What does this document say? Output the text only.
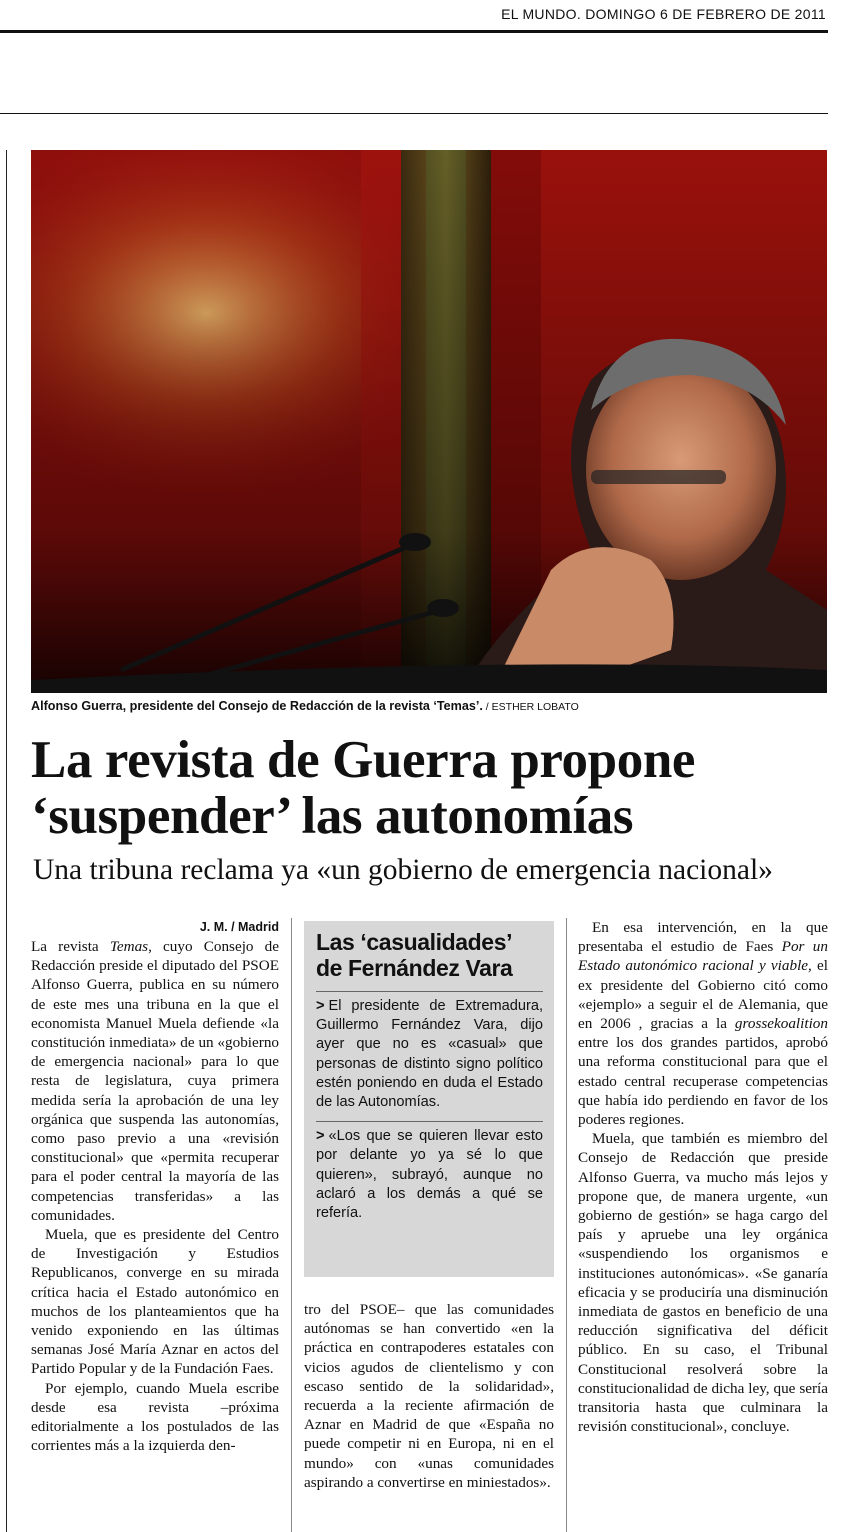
EL MUNDO. DOMINGO 6 DE FEBRERO DE 2011
Alfonso Guerra, presidente del Consejo de Redacción de la revista ‘Temas’. / ESTHER LOBATO
La revista de Guerra propone
‘suspender’ las autonomías
Una tribuna reclama ya «un gobierno de emergencia nacional»
J. M. / Madrid

La revista Temas, cuyo Consejo de Redacción preside el diputado del PSOE Alfonso Guerra, publica en su número de este mes una tribuna en la que el economista Manuel Muela defiende «la constitución inmediata» de un «gobierno de emergencia nacional» para lo que resta de legislatura, cuya primera medida sería la aprobación de una ley orgánica que suspenda las autonomías, como paso previo a una «revisión constitucional» que «permita recuperar para el poder central la mayoría de las competencias transferidas» a las comunidades.

Muela, que es presidente del Centro de Investigación y Estudios Republicanos, converge en su mirada crítica hacia el Estado autonómico en muchos de los planteamientos que ha venido exponiendo en las últimas semanas José María Aznar en actos del Partido Popular y de la Fundación Faes.

Por ejemplo, cuando Muela escribe desde esa revista –próxima editorialmente a los postulados de las corrientes más a la izquierda den-

Las ‘casualidades’
de Fernández Vara
> El presidente de Extremadura, Guillermo Fernández Vara, dijo ayer que no es «casual» que personas de distinto signo político estén poniendo en duda el Estado de las Autonomías.
> «Los que se quieren llevar esto por delante yo ya sé lo que quieren», subrayó, aunque no aclaró a los demás a qué se refería.

tro del PSOE– que las comunidades autónomas se han convertido «en la práctica en contrapoderes estatales con vicios agudos de clientelismo y con escaso sentido de la solidaridad», recuerda a la reciente afirmación de Aznar en Madrid de que «España no puede competir ni en Europa, ni en el mundo» con «unas comunidades aspirando a convertirse en miniestados».

En esa intervención, en la que presentaba el estudio de Faes Por un Estado autonómico racional y viable, el ex presidente del Gobierno citó como «ejemplo» a seguir el de Alemania, que en 2006 , gracias a la grossekoalition entre los dos grandes partidos, aprobó una reforma constitucional para que el estado central recuperase competencias que había ido perdiendo en favor de los poderes regiones.

Muela, que también es miembro del Consejo de Redacción que preside Alfonso Guerra, va mucho más lejos y propone que, de manera urgente, «un gobierno de gestión» se haga cargo del país y apruebe una ley orgánica «suspendiendo los organismos e instituciones autonómicas». «Se ganaría eficacia y se produciría una disminución inmediata de gastos en beneficio de una reducción significativa del déficit público. En su caso, el Tribunal Constitucional resolverá sobre la constitucionalidad de dicha ley, que sería transitoria hasta que culminara la revisión constitucional», concluye.
